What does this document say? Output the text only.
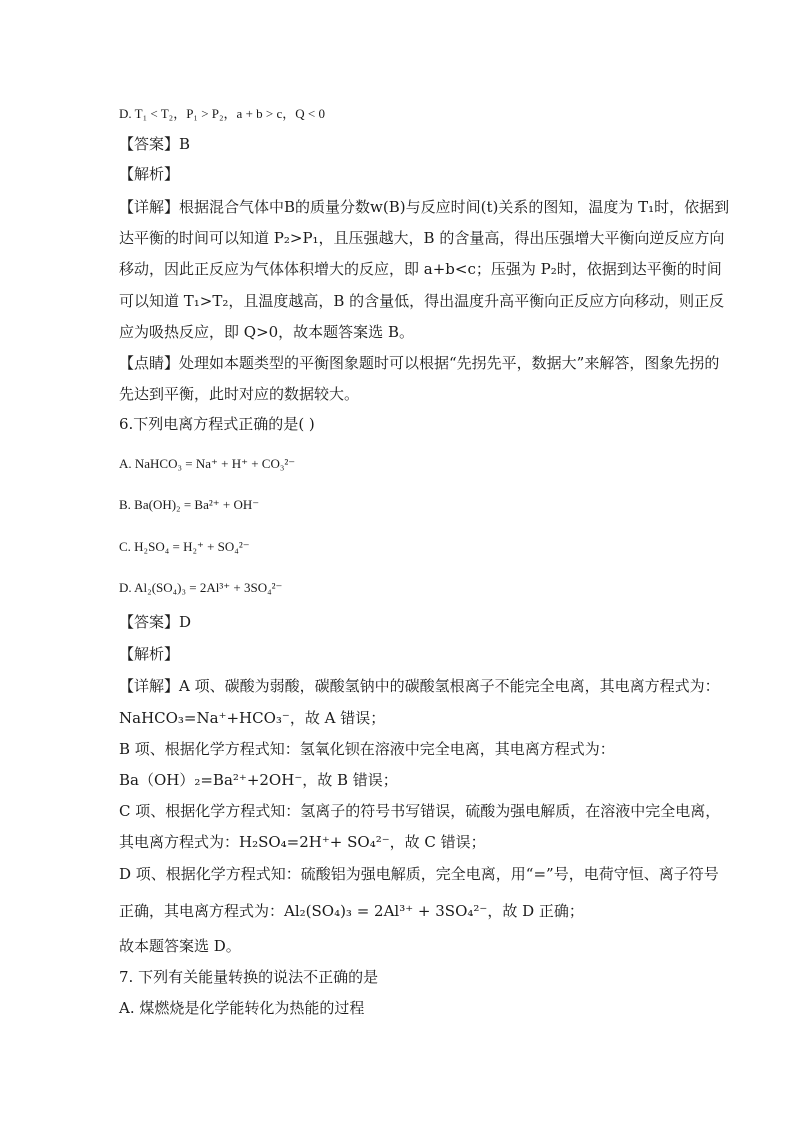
D. T₁ < T₂，P₁ > P₂，a + b > c，Q < 0
【答案】B
【解析】
【详解】根据混合气体中B的质量分数w(B)与反应时间(t)关系的图知，温度为 T₁时，依据到
达平衡的时间可以知道 P₂>P₁，且压强越大，B 的含量高，得出压强增大平衡向逆反应方向
移动，因此正反应为气体体积增大的反应，即 a+b<c；压强为 P₂时，依据到达平衡的时间
可以知道 T₁>T₂，且温度越高，B 的含量低，得出温度升高平衡向正反应方向移动，则正反
应为吸热反应，即 Q>0，故本题答案选 B。
【点睛】处理如本题类型的平衡图象题时可以根据“先拐先平，数据大”来解答，图象先拐的
先达到平衡，此时对应的数据较大。
6.下列电离方程式正确的是( )
A. NaHCO₃ = Na⁺ + H⁺ + CO₃²⁻
B. Ba(OH)₂ = Ba²⁺ + OH⁻
C. H₂SO₄ = H₂⁺ + SO₄²⁻
D. Al₂(SO₄)₃ = 2Al³⁺ + 3SO₄²⁻
【答案】D
【解析】
【详解】A 项、碳酸为弱酸，碳酸氢钠中的碳酸氢根离子不能完全电离，其电离方程式为：
NaHCO₃=Na⁺+HCO₃⁻，故 A 错误；
B 项、根据化学方程式知：氢氧化钡在溶液中完全电离，其电离方程式为：
Ba（OH）₂=Ba²⁺+2OH⁻，故 B 错误；
C 项、根据化学方程式知：氢离子的符号书写错误，硫酸为强电解质，在溶液中完全电离，
其电离方程式为：H₂SO₄=2H⁺+ SO₄²⁻，故 C 错误；
D 项、根据化学方程式知：硫酸铝为强电解质，完全电离，用“=”号，电荷守恒、离子符号
正确，其电离方程式为：Al₂(SO₄)₃ = 2Al³⁺ + 3SO₄²⁻，故 D 正确；
故本题答案选 D。
7. 下列有关能量转换的说法不正确的是
A. 煤燃烧是化学能转化为热能的过程
